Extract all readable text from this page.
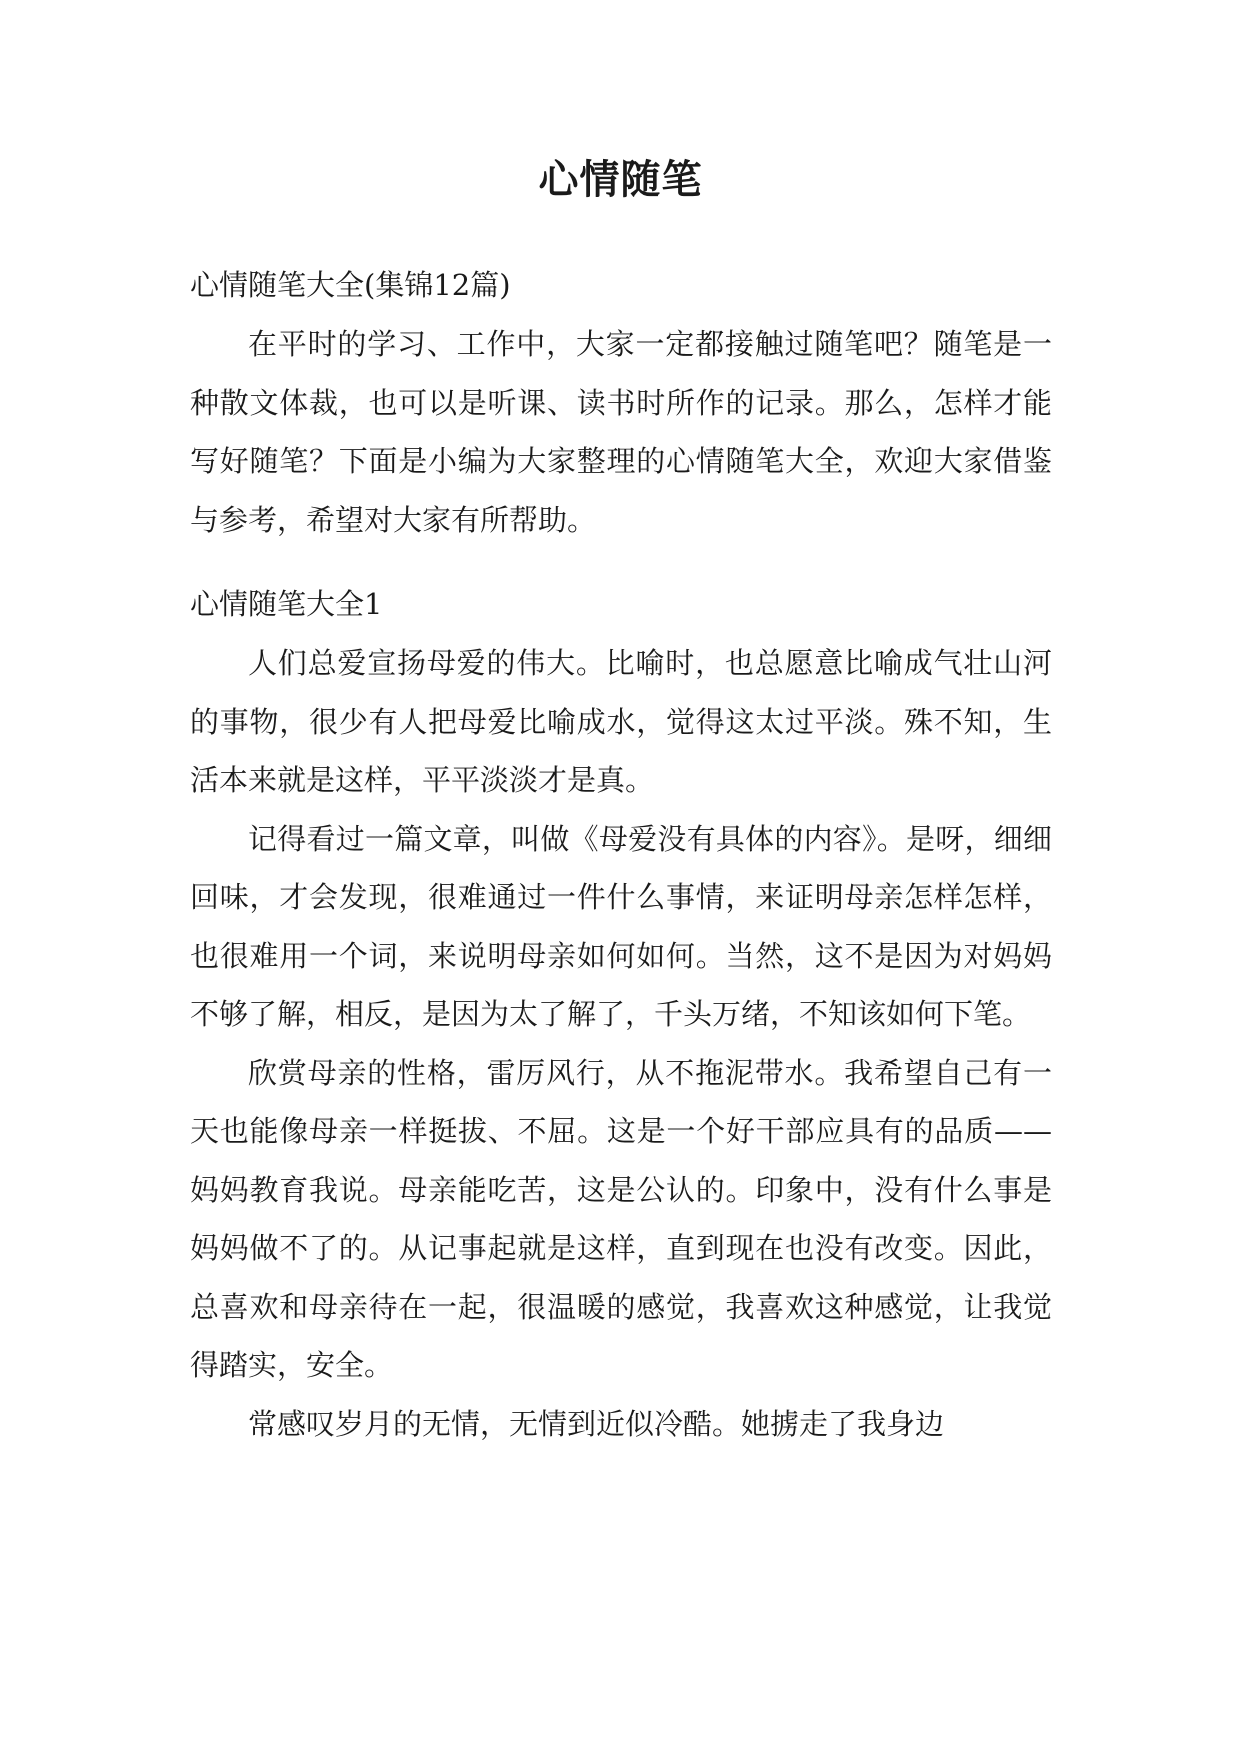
心情随笔

心情随笔大全(集锦12篇)

在平时的学习、工作中，大家一定都接触过随笔吧？随笔是一种散文体裁，也可以是听课、读书时所作的记录。那么，怎样才能写好随笔？下面是小编为大家整理的心情随笔大全，欢迎大家借鉴与参考，希望对大家有所帮助。

心情随笔大全1

人们总爱宣扬母爱的伟大。比喻时，也总愿意比喻成气壮山河的事物，很少有人把母爱比喻成水，觉得这太过平淡。殊不知，生活本来就是这样，平平淡淡才是真。

记得看过一篇文章，叫做《母爱没有具体的内容》。是呀，细细回味，才会发现，很难通过一件什么事情，来证明母亲怎样怎样，也很难用一个词，来说明母亲如何如何。当然，这不是因为对妈妈不够了解，相反，是因为太了解了，千头万绪，不知该如何下笔。

欣赏母亲的性格，雷厉风行，从不拖泥带水。我希望自己有一天也能像母亲一样挺拔、不屈。这是一个好干部应具有的品质——妈妈教育我说。母亲能吃苦，这是公认的。印象中，没有什么事是妈妈做不了的。从记事起就是这样，直到现在也没有改变。因此，总喜欢和母亲待在一起，很温暖的感觉，我喜欢这种感觉，让我觉得踏实，安全。

常感叹岁月的无情，无情到近似冷酷。她掳走了我身边
